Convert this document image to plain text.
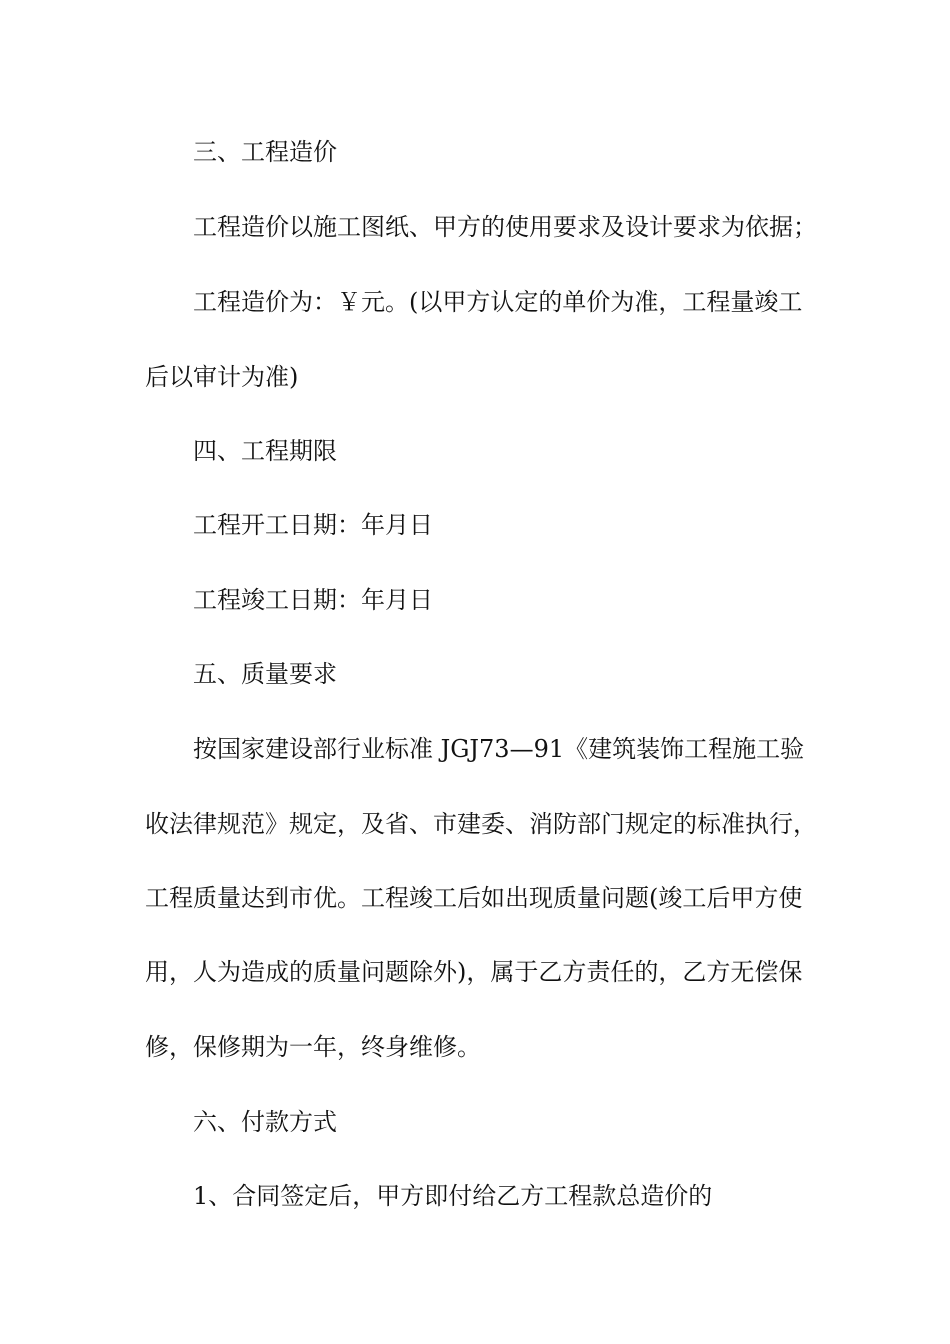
三、工程造价
工程造价以施工图纸、甲方的使用要求及设计要求为依据；
工程造价为：￥元。(以甲方认定的单价为准，工程量竣工
后以审计为准)
四、工程期限
工程开工日期：年月日
工程竣工日期：年月日
五、质量要求
按国家建设部行业标准 JGJ73—91《建筑装饰工程施工验
收法律规范》规定，及省、市建委、消防部门规定的标准执行，
工程质量达到市优。工程竣工后如出现质量问题(竣工后甲方使
用，人为造成的质量问题除外)，属于乙方责任的，乙方无偿保
修，保修期为一年，终身维修。
六、付款方式
1、合同签定后，甲方即付给乙方工程款总造价的
